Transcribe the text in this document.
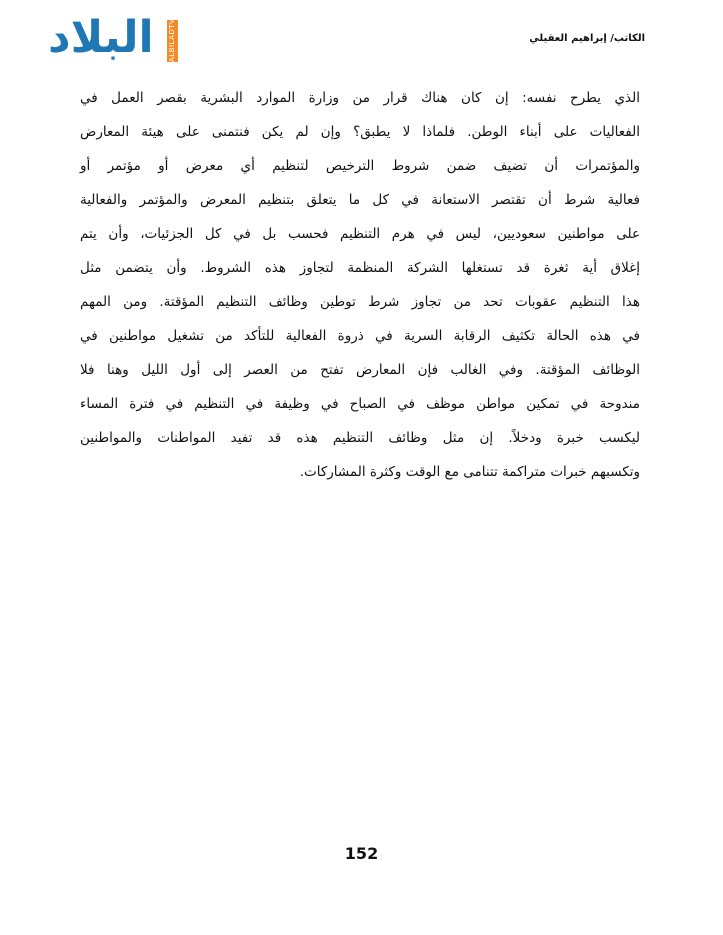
البلاد ALBILADTV	الكاتب/ إبراهيم العقيلي
الذي يطرح نفسه: إن كان هناك قرار من وزارة الموارد البشرية بقصر العمل في
الفعاليات على أبناء الوطن. فلماذا لا يطبق؟ وإن لم يكن فنتمنى على هيئة المعارض
والمؤتمرات أن تضيف ضمن شروط الترخيص لتنظيم أي معرض أو مؤتمر أو
فعالية شرط أن تقتصر الاستعانة في كل ما يتعلق بتنظيم المعرض والمؤتمر والفعالية
على مواطنين سعوديين، ليس في هرم التنظيم فحسب بل في كل الجزئيات، وأن يتم
إغلاق أية ثغرة قد تستغلها الشركة المنظمة لتجاوز هذه الشروط. وأن يتضمن مثل
هذا التنظيم عقوبات تحد من تجاوز شرط توطين وظائف التنظيم المؤقتة. ومن المهم
في هذه الحالة تكثيف الرقابة السرية في ذروة الفعالية للتأكد من تشغيل مواطنين في
الوظائف المؤقتة. وفي الغالب فإن المعارض تفتح من العصر إلى أول الليل وهنا فلا
مندوحة في تمكين مواطن موظف في الصباح في وظيفة في التنظيم في فترة المساء
ليكسب خبرة ودخلاً. إن مثل وظائف التنظيم هذه قد تفيد المواطنات والمواطنين
وتكسبهم خبرات متراكمة تتنامى مع الوقت وكثرة المشاركات.
152
